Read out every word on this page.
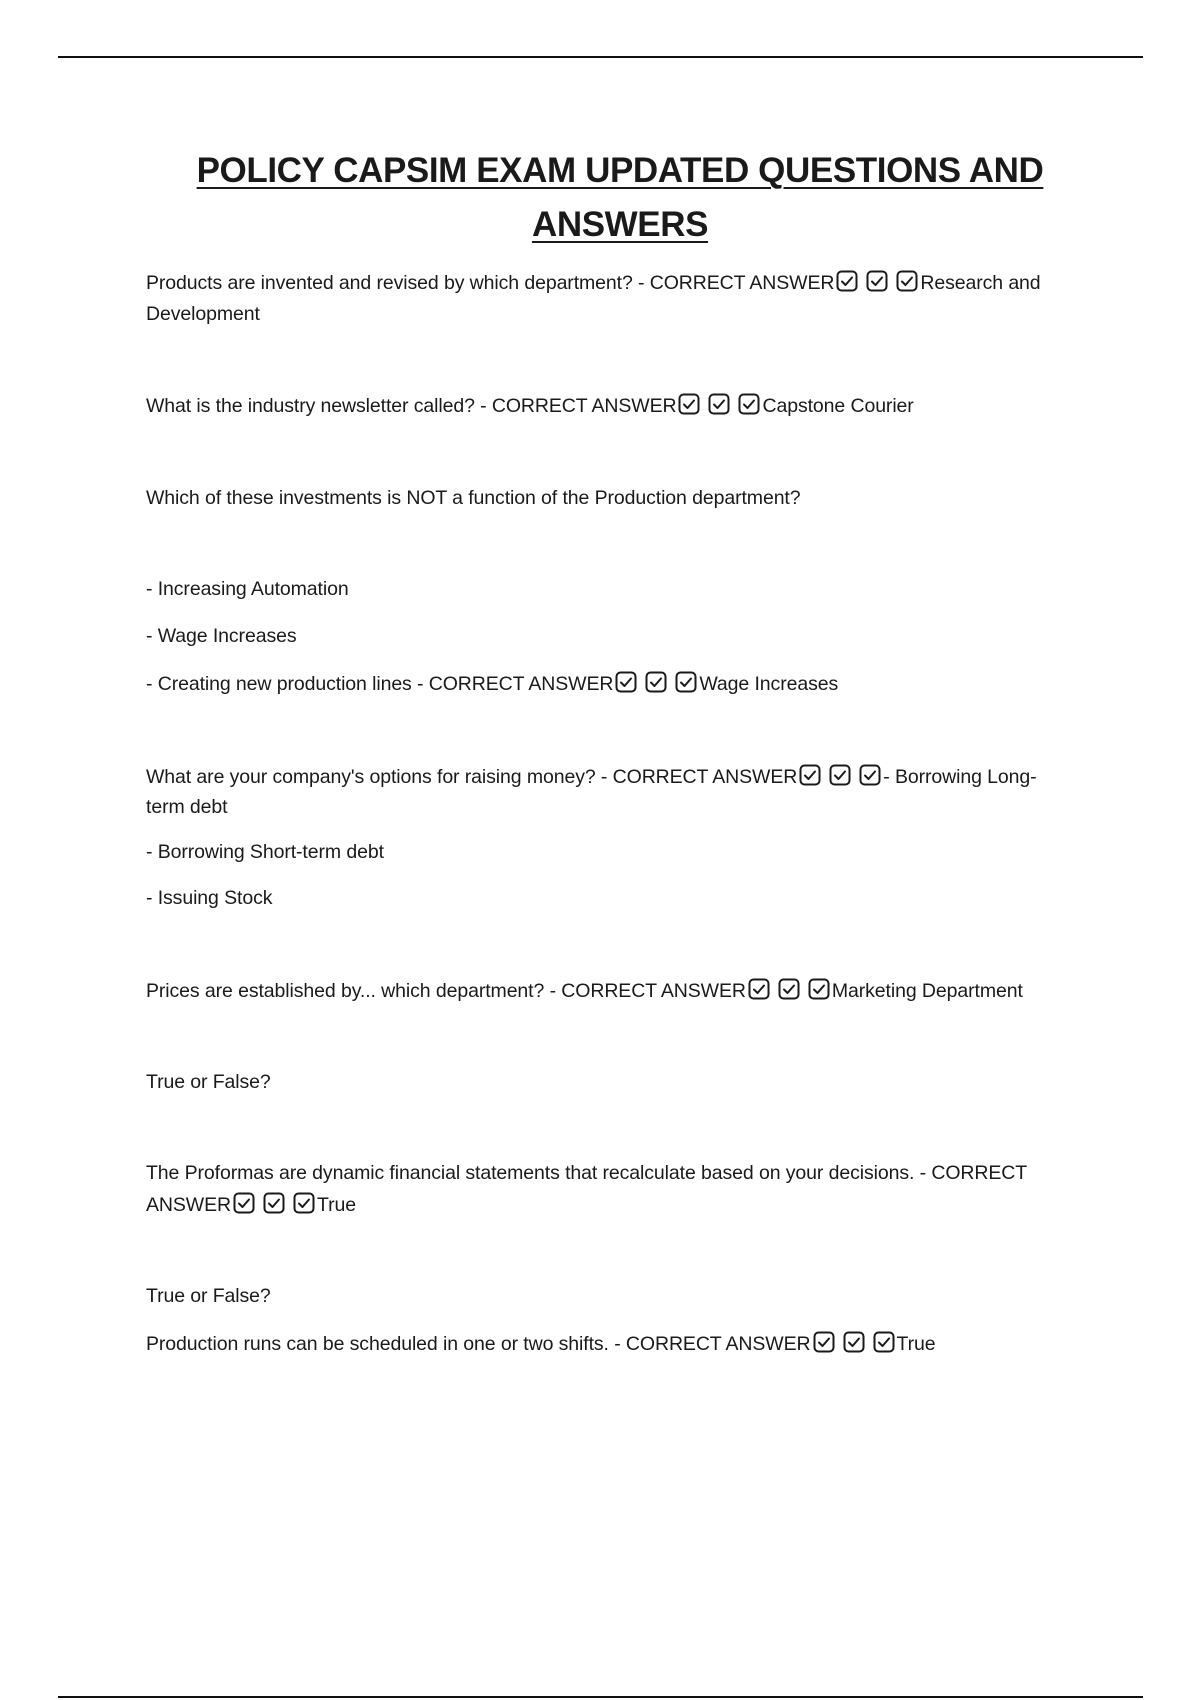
POLICY CAPSIM EXAM UPDATED QUESTIONS AND
ANSWERS
Products are invented and revised by which department? - CORRECT ANSWER	Research and
Development
What is the industry newsletter called? - CORRECT ANSWER	Capstone Courier
Which of these investments is NOT a function of the Production department?
- Increasing Automation
- Wage Increases
- Creating new production lines - CORRECT ANSWER	Wage Increases
What are your company's options for raising money? - CORRECT ANSWER	- Borrowing Long-
term debt
- Borrowing Short-term debt
- Issuing Stock
Prices are established by... which department? - CORRECT ANSWER	Marketing Department
True or False?
The Proformas are dynamic financial statements that recalculate based on your decisions. - CORRECT
ANSWER	True
True or False?
Production runs can be scheduled in one or two shifts. - CORRECT ANSWER	True
